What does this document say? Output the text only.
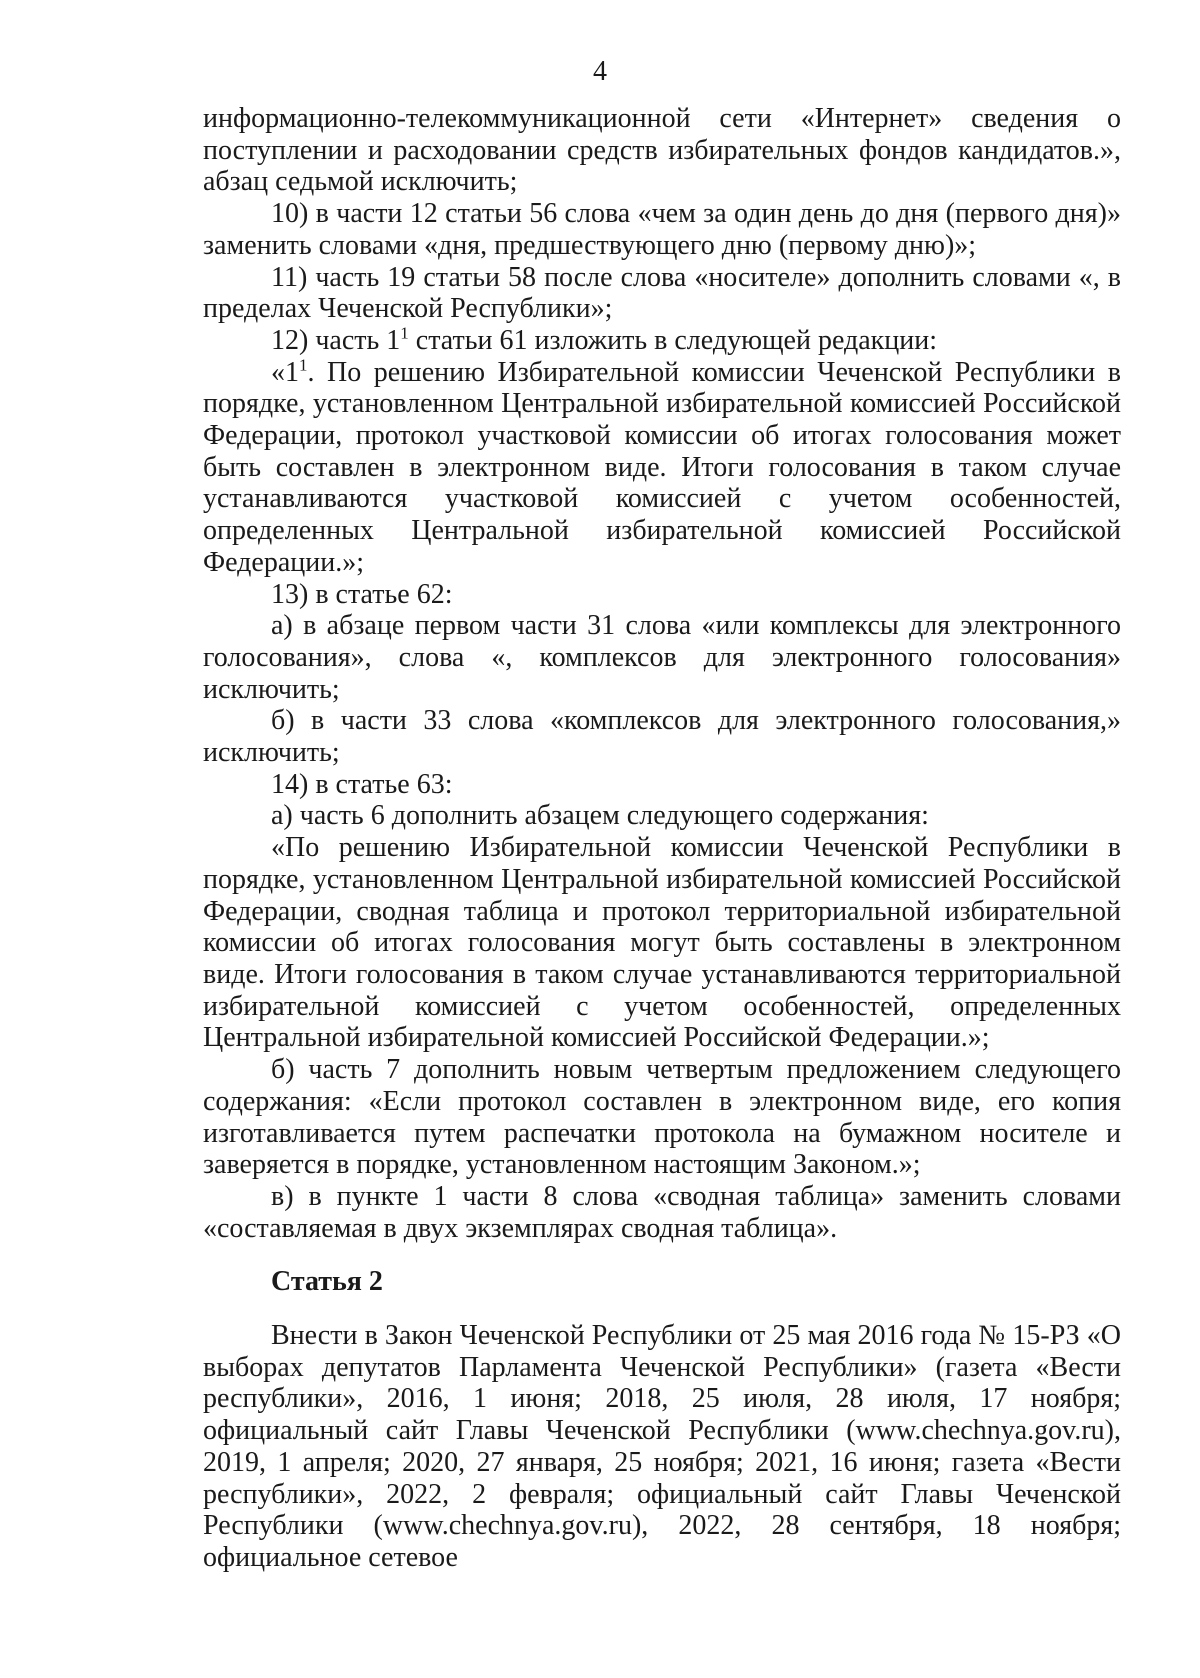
4

информационно-телекоммуникационной сети «Интернет» сведения о поступлении и расходовании средств избирательных фондов кандидатов.», абзац седьмой исключить;

10) в части 12 статьи 56 слова «чем за один день до дня (первого дня)» заменить словами «дня, предшествующего дню (первому дню)»;

11) часть 19 статьи 58 после слова «носителе» дополнить словами «, в пределах Чеченской Республики»;

12) часть $1^1$ статьи 61 изложить в следующей редакции:

«$1^1$. По решению Избирательной комиссии Чеченской Республики в порядке, установленном Центральной избирательной комиссией Российской Федерации, протокол участковой комиссии об итогах голосования может быть составлен в электронном виде. Итоги голосования в таком случае устанавливаются участковой комиссией с учетом особенностей, определенных Центральной избирательной комиссией Российской Федерации.»;

13) в статье 62:

а) в абзаце первом части 31 слова «или комплексы для электронного голосования», слова «, комплексов для электронного голосования» исключить;

б) в части 33 слова «комплексов для электронного голосования,» исключить;

14) в статье 63:

а) часть 6 дополнить абзацем следующего содержания:

«По решению Избирательной комиссии Чеченской Республики в порядке, установленном Центральной избирательной комиссией Российской Федерации, сводная таблица и протокол территориальной избирательной комиссии об итогах голосования могут быть составлены в электронном виде. Итоги голосования в таком случае устанавливаются территориальной избирательной комиссией с учетом особенностей, определенных Центральной избирательной комиссией Российской Федерации.»;

б) часть 7 дополнить новым четвертым предложением следующего содержания: «Если протокол составлен в электронном виде, его копия изготавливается путем распечатки протокола на бумажном носителе и заверяется в порядке, установленном настоящим Законом.»;

в) в пункте 1 части 8 слова «сводная таблица» заменить словами «составляемая в двух экземплярах сводная таблица».

Статья 2

Внести в Закон Чеченской Республики от 25 мая 2016 года № 15-РЗ «О выборах депутатов Парламента Чеченской Республики» (газета «Вести республики», 2016, 1 июня; 2018, 25 июля, 28 июля, 17 ноября; официальный сайт Главы Чеченской Республики (www.chechnya.gov.ru), 2019, 1 апреля; 2020, 27 января, 25 ноября; 2021, 16 июня; газета «Вести республики», 2022, 2 февраля; официальный сайт Главы Чеченской Республики (www.chechnya.gov.ru), 2022, 28 сентября, 18 ноября; официальное сетевое
